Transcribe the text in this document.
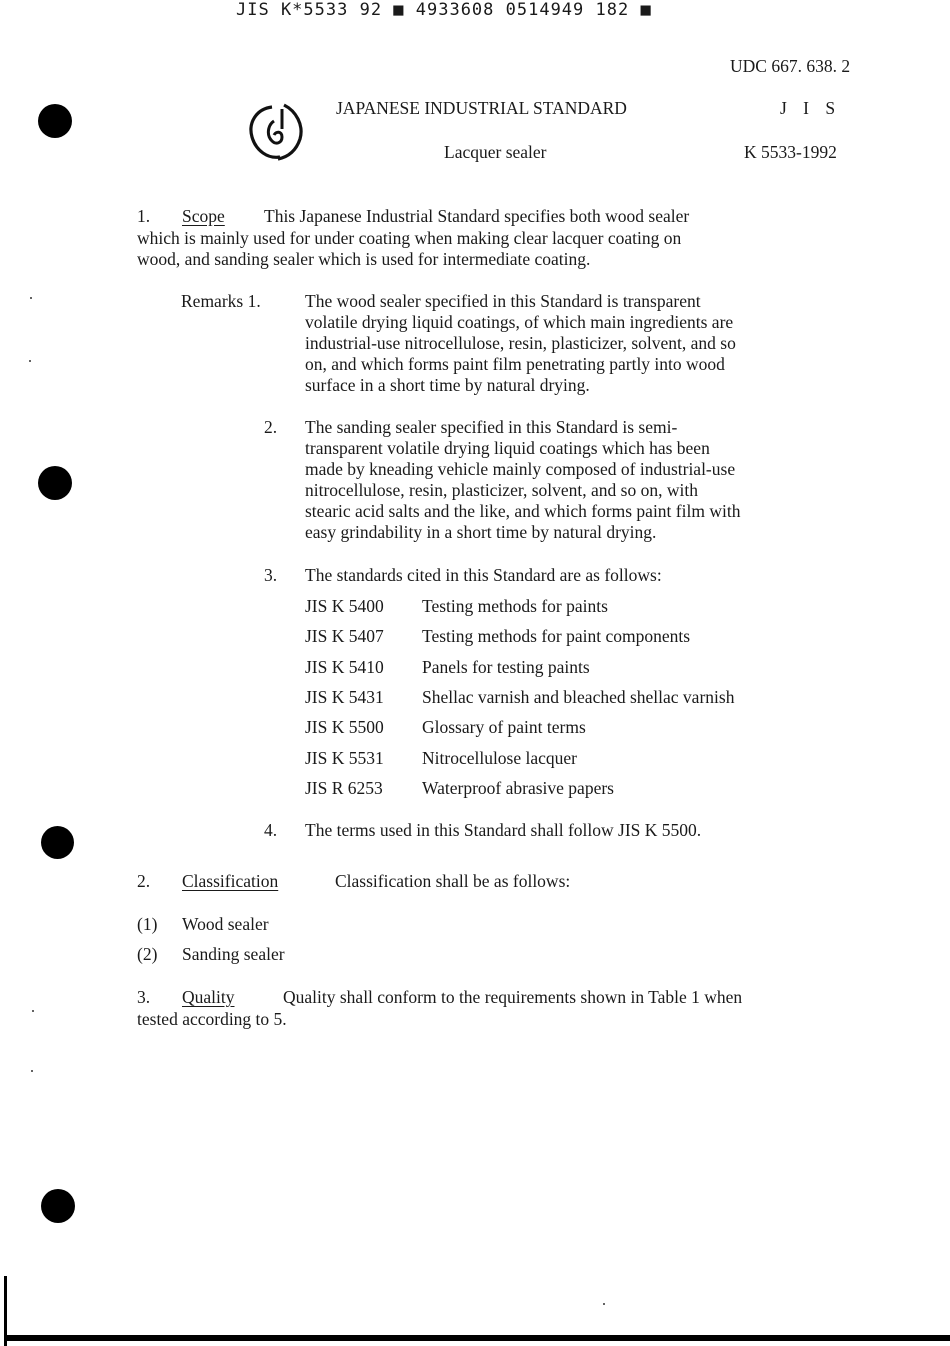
JIS K*5533 92 ■ 4933608 0514949 182 ■
UDC 667. 638. 2
JAPANESE INDUSTRIAL STANDARD	J I S
Lacquer sealer	K 5533-1992
1. Scope This Japanese Industrial Standard specifies both wood sealer

which is mainly used for under coating when making clear lacquer coating on

wood, and sanding sealer which is used for intermediate coating.

Remarks 1.	The wood sealer specified in this Standard is transparent

volatile drying liquid coatings, of which main ingredients are

industrial-use nitrocellulose, resin, plasticizer, solvent, and so

on, and which forms paint film penetrating partly into wood

surface in a short time by natural drying.

2. The sanding sealer specified in this Standard is semi-

transparent volatile drying liquid coatings which has been

made by kneading vehicle mainly composed of industrial-use

nitrocellulose, resin, plasticizer, solvent, and so on, with

stearic acid salts and the like, and which forms paint film with

easy grindability in a short time by natural drying.

3. The standards cited in this Standard are as follows:

JIS K 5400 Testing methods for paints
JIS K 5407 Testing methods for paint components
JIS K 5410 Panels for testing paints
JIS K 5431 Shellac varnish and bleached shellac varnish
JIS K 5500 Glossary of paint terms
JIS K 5531 Nitrocellulose lacquer
JIS R 6253 Waterproof abrasive papers
4. The terms used in this Standard shall follow JIS K 5500.

2. Classification	Classification shall be as follows:

(1) Wood sealer
(2) Sanding sealer
3. Quality	Quality shall conform to the requirements shown in Table 1 when

tested according to 5.
